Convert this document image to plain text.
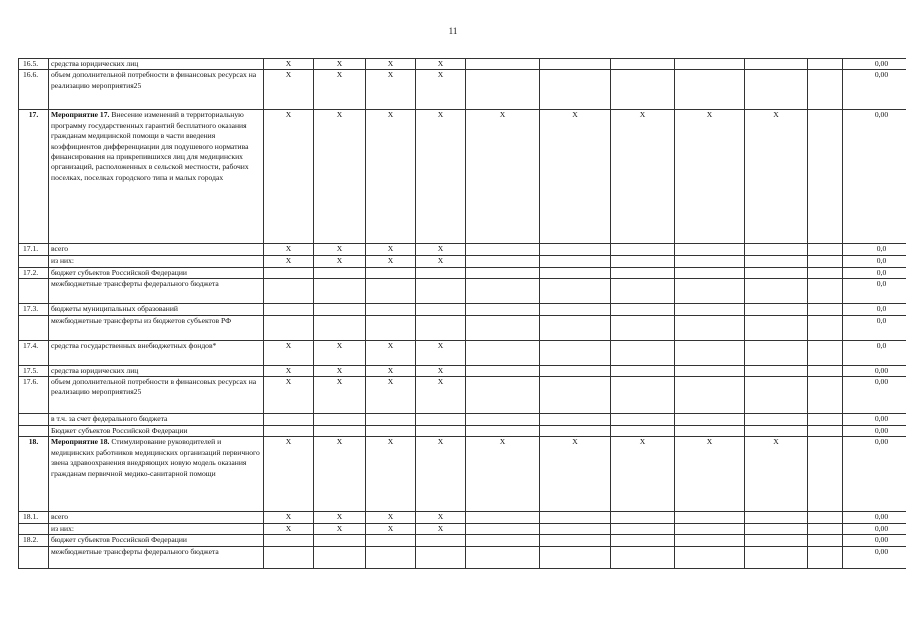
11
16.5.	средства юридических лиц	Х	Х	Х	Х							0,00
16.6.	объем дополнительной потребности в финансовых ресурсах на реализацию мероприятия25	Х	Х	Х	Х							0,00
17.	Мероприятие 17. Внесение изменений в территориальную программу государственных гарантий бесплатного оказания гражданам медицинской помощи в части введения коэффициентов дифференциации для подушевого норматива финансирования на прикрепившихся лиц для медицинских организаций, расположенных в сельской местности, рабочих поселках, поселках городского типа и малых городах	Х	Х	Х	Х	Х	Х	Х	Х	Х		0,00
17.1.	всего	Х	Х	Х	Х							0,0
	из них:	Х	Х	Х	Х							0,0
17.2.	бюджет субъектов Российской Федерации											0,0
	межбюджетные трансферты федерального бюджета											0,0
17.3.	бюджеты муниципальных образований											0,0
	межбюджетные трансферты из бюджетов субъектов РФ											0,0
17.4.	средства государственных внебюджетных фондов*	Х	Х	Х	Х							0,0
17.5.	средства юридических лиц	Х	Х	Х	Х							0,00
17.6.	объем дополнительной потребности в финансовых ресурсах на реализацию мероприятия25	Х	Х	Х	Х							0,00
	в т.ч. за счет федерального бюджета											0,00
	Бюджет субъектов Российской Федерации											0,00
18.	Мероприятие 18. Стимулирование руководителей и медицинских работников медицинских организаций первичного звена здравоохранения внедряющих новую модель оказания гражданам первичной медико-санитарной помощи	Х	Х	Х	Х	Х	Х	Х	Х	Х		0,00
18.1.	всего	Х	Х	Х	Х							0,00
	из них:	Х	Х	Х	Х							0,00
18.2.	бюджет субъектов Российской Федерации											0,00
	межбюджетные трансферты федерального бюджета											0,00
